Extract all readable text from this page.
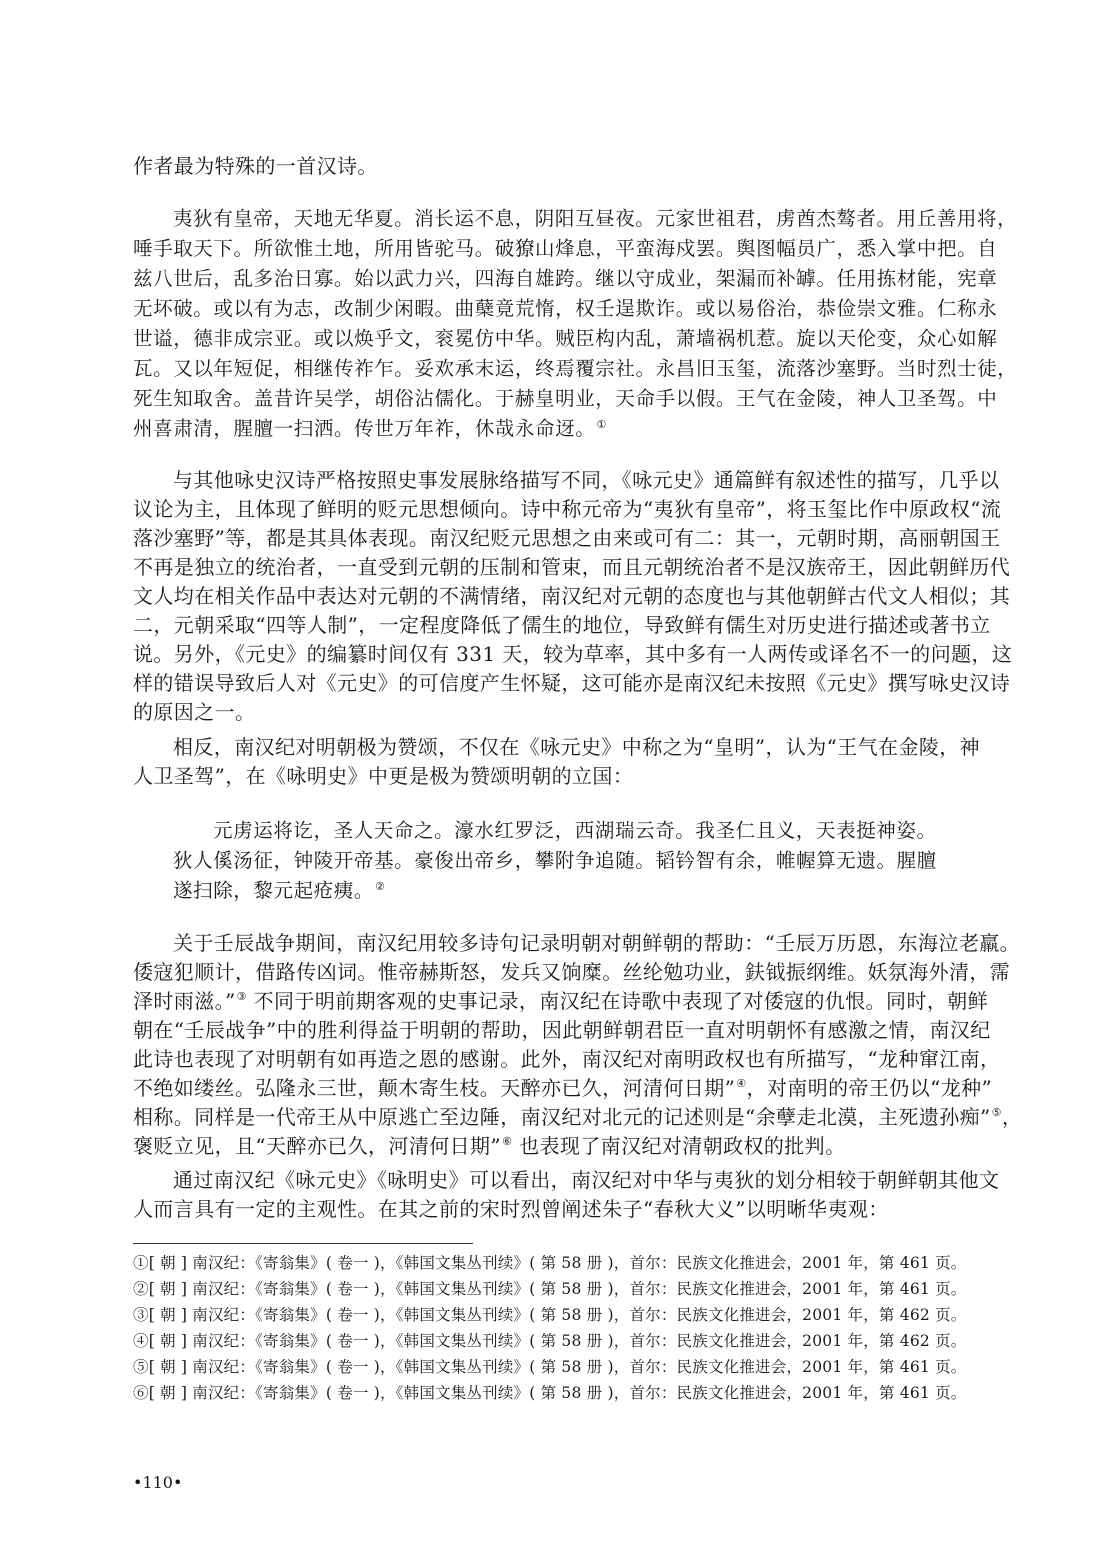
作者最为特殊的一首汉诗。
夷狄有皇帝，天地无华夏。消长运不息，阴阳互昼夜。元家世祖君，虏酋杰骜者。用丘善用将，
唾手取天下。所欲惟土地，所用皆驼马。破獠山烽息，平蛮海戍罢。舆图幅员广，悉入掌中把。自
兹八世后，乱多治日寡。始以武力兴，四海自雄跨。继以守成业，架漏而补罅。任用拣材能，宪章
无坏破。或以有为志，改制少闲暇。曲蘖竟荒惰，权壬逞欺诈。或以易俗治，恭俭崇文雅。仁称永
世谥，德非成宗亚。或以焕乎文，衮冕仿中华。贼臣构内乱，萧墙祸机惹。旋以天伦变，众心如解
瓦。又以年短促，相继传祚乍。妥欢承末运，终焉覆宗社。永昌旧玉玺，流落沙塞野。当时烈士徒，
死生知取舍。盖昔许吴学，胡俗沾儒化。于赫皇明业，天命手以假。王气在金陵，神人卫圣驾。中
州喜肃清，腥膻一扫洒。传世万年祚，休哉永命迓。①
与其他咏史汉诗严格按照史事发展脉络描写不同，《咏元史》通篇鲜有叙述性的描写，几乎以
议论为主，且体现了鲜明的贬元思想倾向。诗中称元帝为“夷狄有皇帝”，将玉玺比作中原政权“流
落沙塞野”等，都是其具体表现。南汉纪贬元思想之由来或可有二：其一，元朝时期，高丽朝国王
不再是独立的统治者，一直受到元朝的压制和管束，而且元朝统治者不是汉族帝王，因此朝鲜历代
文人均在相关作品中表达对元朝的不满情绪，南汉纪对元朝的态度也与其他朝鲜古代文人相似；其
二，元朝采取“四等人制”，一定程度降低了儒生的地位，导致鲜有儒生对历史进行描述或著书立
说。另外，《元史》的编纂时间仅有 331 天，较为草率，其中多有一人两传或译名不一的问题，这
样的错误导致后人对《元史》的可信度产生怀疑，这可能亦是南汉纪未按照《元史》撰写咏史汉诗
的原因之一。
相反，南汉纪对明朝极为赞颂，不仅在《咏元史》中称之为“皇明”，认为“王气在金陵，神
人卫圣驾”，在《咏明史》中更是极为赞颂明朝的立国：
元虏运将讫，圣人天命之。濠水红罗泛，西湖瑞云奇。我圣仁且义，天表挺神姿。
狄人傒汤征，钟陵开帝基。豪俊出帝乡，攀附争追随。韬钤智有余，帷幄算无遗。腥膻
遂扫除，黎元起疮痍。②
关于壬辰战争期间，南汉纪用较多诗句记录明朝对朝鲜朝的帮助：“壬辰万历恩，东海泣老羸。
倭寇犯顺计，借路传凶词。惟帝赫斯怒，发兵又饷糜。丝纶勉功业，鈇钺振纲维。妖氛海外清，霈
泽时雨滋。”③ 不同于明前期客观的史事记录，南汉纪在诗歌中表现了对倭寇的仇恨。同时，朝鲜
朝在“壬辰战争”中的胜利得益于明朝的帮助，因此朝鲜朝君臣一直对明朝怀有感激之情，南汉纪
此诗也表现了对明朝有如再造之恩的感谢。此外，南汉纪对南明政权也有所描写，“龙种窜江南，
不绝如缕丝。弘隆永三世，颠木寄生枝。天醉亦已久，河清何日期”④，对南明的帝王仍以“龙种”
相称。同样是一代帝王从中原逃亡至边陲，南汉纪对北元的记述则是“余孽走北漠，主死遗孙痴”⑤，
褒贬立见，且“天醉亦已久，河清何日期”⑥ 也表现了南汉纪对清朝政权的批判。
通过南汉纪《咏元史》《咏明史》可以看出，南汉纪对中华与夷狄的划分相较于朝鲜朝其他文
人而言具有一定的主观性。在其之前的宋时烈曾阐述朱子“春秋大义”以明晰华夷观：
①[ 朝 ] 南汉纪：《寄翁集》( 卷一 )，《韩国文集丛刊续》( 第 58 册 )，首尔：民族文化推进会，2001 年，第 461 页。
②[ 朝 ] 南汉纪：《寄翁集》( 卷一 )，《韩国文集丛刊续》( 第 58 册 )，首尔：民族文化推进会，2001 年，第 461 页。
③[ 朝 ] 南汉纪：《寄翁集》( 卷一 )，《韩国文集丛刊续》( 第 58 册 )，首尔：民族文化推进会，2001 年，第 462 页。
④[ 朝 ] 南汉纪：《寄翁集》( 卷一 )，《韩国文集丛刊续》( 第 58 册 )，首尔：民族文化推进会，2001 年，第 462 页。
⑤[ 朝 ] 南汉纪：《寄翁集》( 卷一 )，《韩国文集丛刊续》( 第 58 册 )，首尔：民族文化推进会，2001 年，第 461 页。
⑥[ 朝 ] 南汉纪：《寄翁集》( 卷一 )，《韩国文集丛刊续》( 第 58 册 )，首尔：民族文化推进会，2001 年，第 461 页。
•110•
